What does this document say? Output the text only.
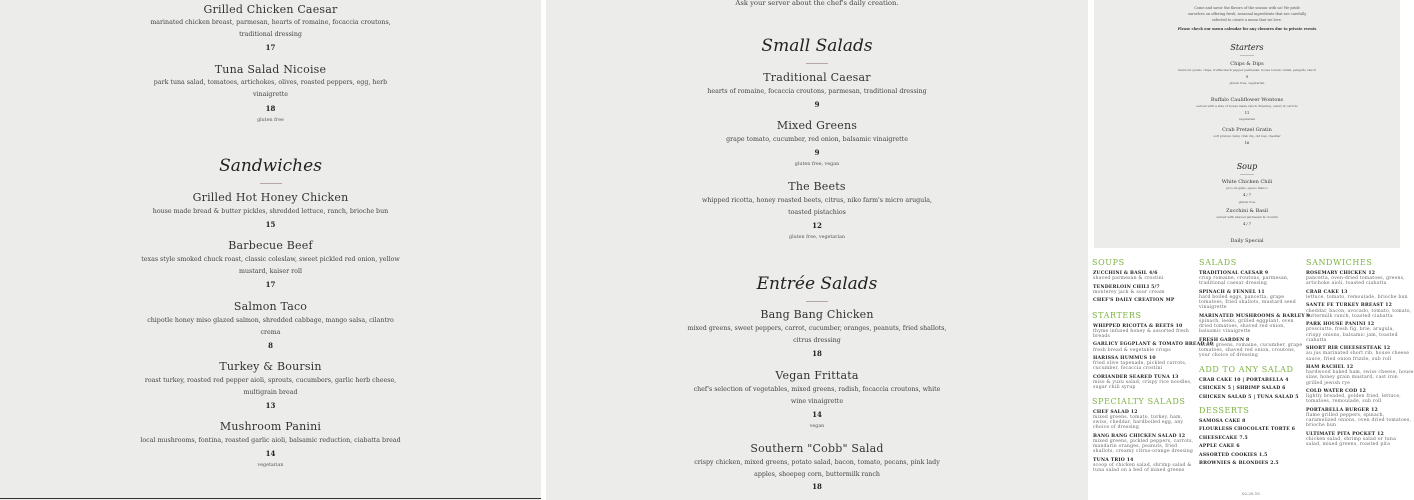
Grilled Chicken Caesar
marinated chicken breast, parmesan, hearts of romaine, focaccia croutons, traditional dressing
17
Tuna Salad Nicoise
park tuna salad, tomatoes, artichokes, olives, roasted peppers, egg, herb vinaigrette
18
gluten free
Sandwiches
Grilled Hot Honey Chicken
house made bread & butter pickles, shredded lettuce, ranch, brioche bun
15
Barbecue Beef
texas style smoked chuck roast, classic coleslaw, sweet pickled red onion, yellow mustard, kaiser roll
17
Salmon Taco
chipotle honey miso glazed salmon, shredded cabbage, mango salsa, cilantro crema
8
Turkey & Boursin
roast turkey, roasted red pepper aioli, sprouts, cucumbers, garlic herb cheese, multigrain bread
13
Mushroom Panini
local mushrooms, fontina, roasted garlic aioli, balsamic reduction, ciabatta bread
14
vegetarian
Ask your server about the chef's daily creation.
Small Salads
Traditional Caesar
hearts of romaine, focaccia croutons, parmesan, traditional dressing
9
Mixed Greens
grape tomato, cucumber, red onion, balsamic vinaigrette
9
gluten free, vegan
The Beets
whipped ricotta, honey roasted beets, citrus, niko farm's micro arugula, toasted pistachios
12
gluten free, vegetarian
Entrée Salads
Bang Bang Chicken
mixed greens, sweet peppers, carrot, cucumber, oranges, peanuts, fried shallots, citrus dressing
18
Vegan Frittata
chef's selection of vegetables, mixed greens, radish, focaccia croutons, white wine vinaigrette
14
vegan
Southern "Cobb" Salad
crispy chicken, mixed greens, potato salad, bacon, tomato, pecans, pink lady apples, shoepeg corn, buttermilk ranch
18
Come and savor the flavors of the season with us! We pride ourselves on offering fresh, seasonal ingredients that are carefully selected to create a menu that we love.
Please check our menu calendar for any closures due to private events
Starters
Chips & Dips
hand-cut potato chips, truffle black pepper parmesan, house tomato relish, jalapeño ranch
9
gluten free, vegetarian
Buffalo Cauliflower Wontons
served with a side of house made ranch dressing, celery & carrots
11
vegetarian
Crab Pretzel Gratin
soft pretzel, lump crab dip, old bay, cheddar
16
Soup
White Chicken Chili
pico de gallo, queso blanco
4 / 7
gluten free
Zucchini & Basil
served with shaved parmesan & crostini
4 / 7
Daily Special
SOUPS
ZUCCHINI & BASIL 4/6
shaved parmesan & crostini
TENDERLOIN CHILI 5/7
monterey jack & sour cream
CHEF'S DAILY CREATION MP
STARTERS
WHIPPED RICOTTA & BEETS 10
thyme infused honey & assorted fresh
breads
GARLICY EGGPLANT & TOMATO BREAD 10
fresh bread & vegetable crisps
HARISSA HUMMUS 10
fried olive tapenade, pickled carrots,
cucumber, focaccia crostini
CORIANDER SEARED TUNA 13
miso & yuzu salad, crispy rice noodles,
sugar chili syrup
SPECIALTY SALADS
CHEF SALAD 12
mixed greens, tomato, turkey, ham,
swiss, cheddar, hardboiled egg, any
choice of dressing
BANG BANG CHICKEN SALAD 12
mixed greens, pickled peppers, carrots,
mandarin oranges, peanuts, fried
shallots, creamy citrus-orange dressing
TUNA TRIO 14
scoop of chicken salad, shrimp salad &
tuna salad on a bed of mixed greens
SALADS
TRADITIONAL CAESAR 9
crisp romaine, croutons, parmesan,
traditional caesar dressing
SPINACH & FENNEL 11
hard boiled eggs, pancetta, grape
tomatoes, fried shallots, mustard seed
vinaigrette
MARINATED MUSHROOMS & BARLEY 9
spinach, leeks, grilled eggplant, oven
dried tomatoes, shaved red onion,
balsamic vinaigrette
FRESH GARDEN 8
mixed greens, romaine, cucumber, grape
tomatoes, shaved red onion, croutons,
your choice of dressing
ADD TO ANY SALAD
CRAB CAKE 10 | PORTABELLA 4
CHICKEN 5 | SHRIMP SALAD 6
CHICKEN SALAD 5 | TUNA SALAD 5
DESSERTS
SAMOSA CAKE 8
FLOURLESS CHOCOLATE TORTE 6
CHEESECAKE 7.5
APPLE CAKE 6
ASSORTED COOKIES 1.5
BROWNIES & BLONDIES 2.5
02.20.15
SANDWICHES
ROSEMARY CHICKEN 12
pancetta, oven-dried tomatoes, greens,
artichoke aioli, toasted ciabatta
CRAB CAKE 13
lettuce, tomato, remoulade, brioche bun
SANTE FE TURKEY BREAST 12
cheddar, bacon, avocado, tomato, tomato,
buttermilk ranch, toasted ciabatta
PARK HOUSE PANINI 12
prosciutto, fresh fig, brie, arugula,
crispy onions, balsamic jam, toasted
ciabatta
SHORT RIB CHEESESTEAK 12
au jus marinated short rib, house cheese
sauce, fried onion frizzle, sub roll
HAM RACHEL 12
hardwood baked ham, swiss cheese, house
slaw, honey grain mustard, cast iron
grilled jewish rye
COLD WATER COD 12
lightly breaded, golden fried, lettuce,
tomatoes, remoulade, sub roll
PORTABELLA BURGER 12
flame grilled peppers, spinach,
caramelized onions, oven dried tomatoes,
brioche bun
ULTIMATE PITA POCKET 12
chicken salad, shrimp salad or tuna
salad, mixed greens, roasted pita
